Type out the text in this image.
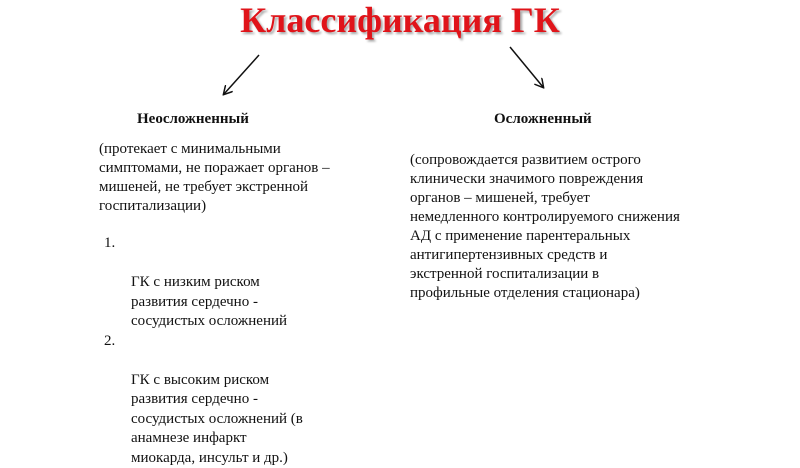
Классификация ГК
Неосложненный
(протекает с минимальными
симптомами, не поражает органов –
мишеней, не требует экстренной
госпитализации)

1.

ГК с низким риском
развития сердечно -
сосудистых осложнений

2.

ГК с высоким риском
развития сердечно -
сосудистых осложнений (в
анамнезе инфаркт
миокарда, инсульт и др.)

Осложненный
(сопровождается развитием острого
клинически значимого повреждения
органов – мишеней, требует
немедленного контролируемого снижения
АД с применение парентеральных
антигипертензивных средств и
экстренной госпитализации в
профильные отделения стационара)
